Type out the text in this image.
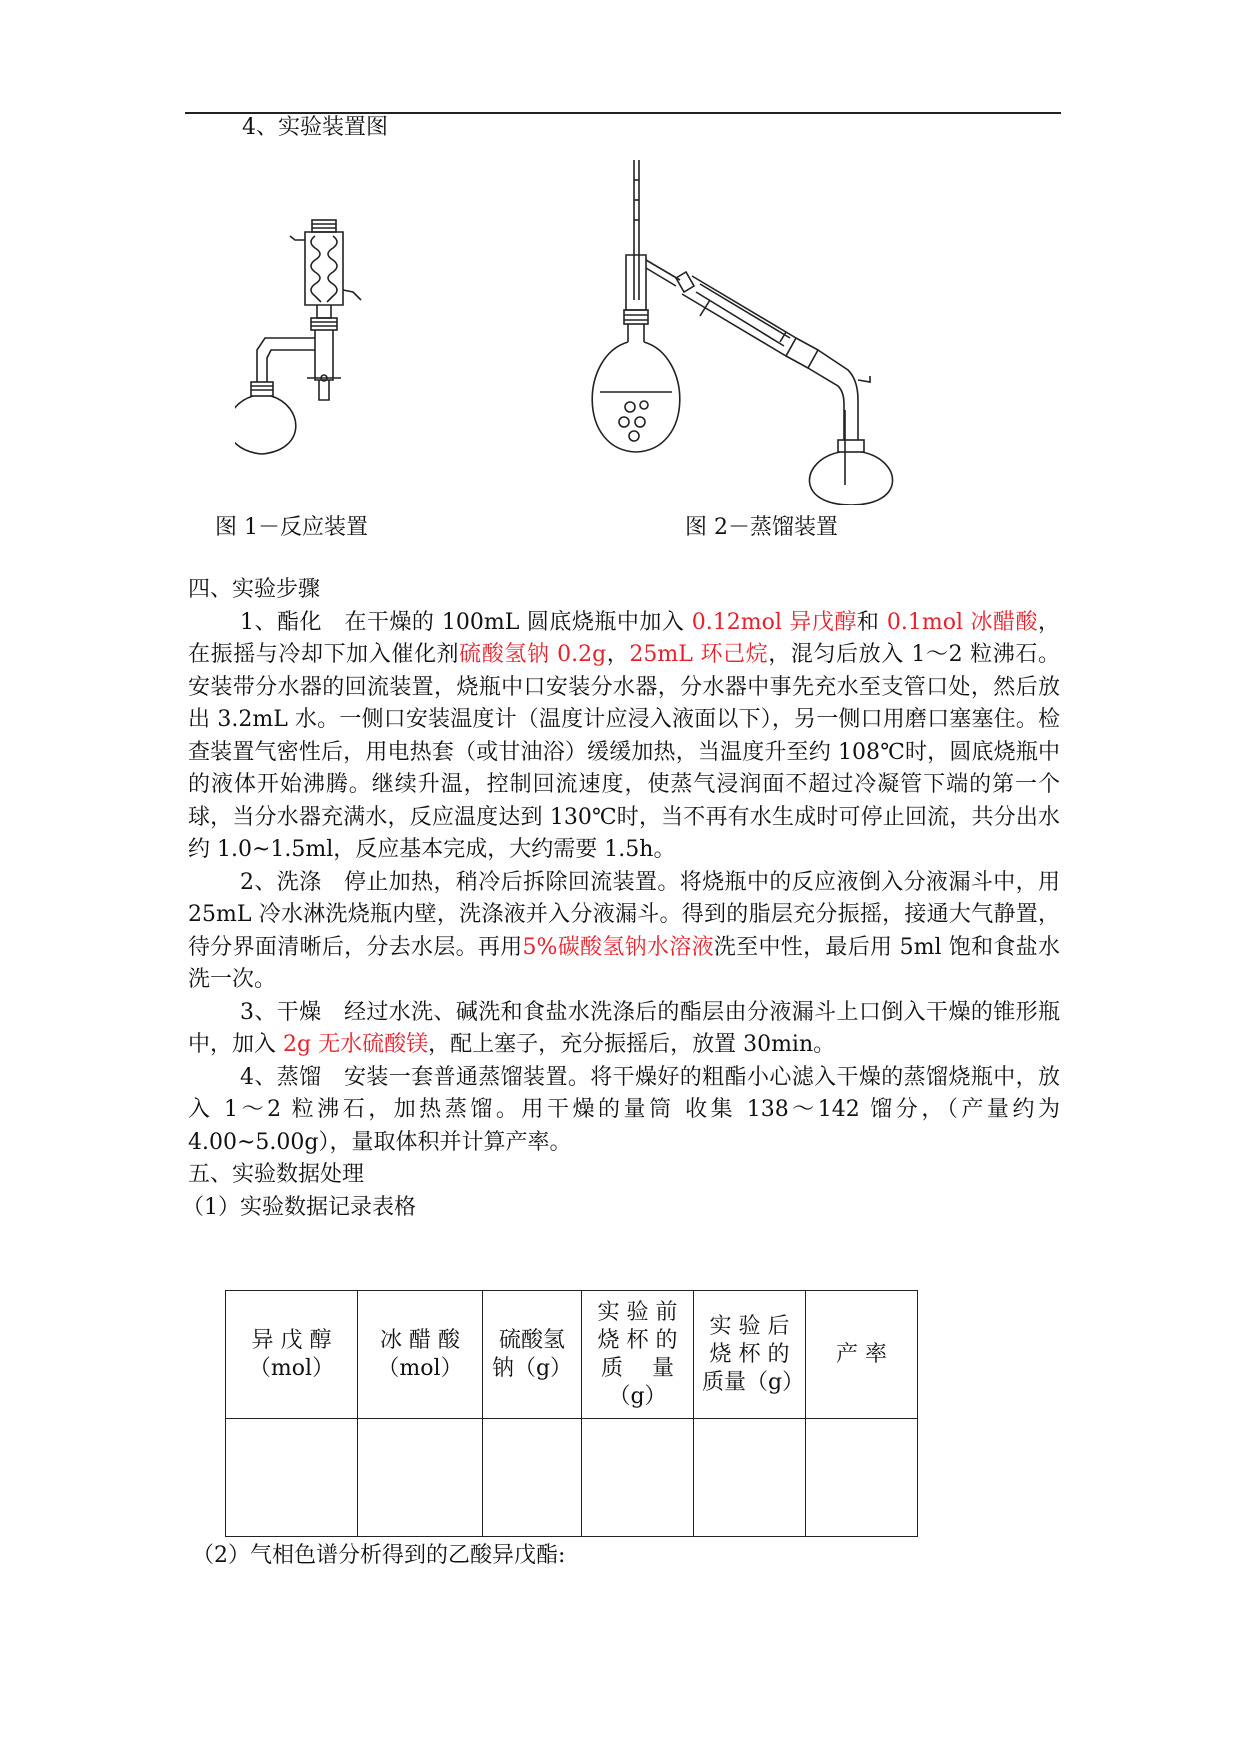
4、实验装置图
图 1－反应装置	图 2－蒸馏装置

四、实验步骤

1、酯化　在干燥的 100mL 圆底烧瓶中加入 0.12mol 异戊醇和 0.1mol 冰醋酸，在振摇与冷却下加入催化剂硫酸氢钠 0.2g，25mL 环己烷，混匀后放入 1～2 粒沸石。安装带分水器的回流装置，烧瓶中口安装分水器，分水器中事先充水至支管口处，然后放出 3.2mL 水。一侧口安装温度计（温度计应浸入液面以下），另一侧口用磨口塞塞住。检查装置气密性后，用电热套（或甘油浴）缓缓加热，当温度升至约 108℃时，圆底烧瓶中的液体开始沸腾。继续升温，控制回流速度，使蒸气浸润面不超过冷凝管下端的第一个球，当分水器充满水，反应温度达到 130℃时，当不再有水生成时可停止回流，共分出水约 1.0~1.5ml，反应基本完成，大约需要 1.5h。

2、洗涤　停止加热，稍冷后拆除回流装置。将烧瓶中的反应液倒入分液漏斗中，用 25mL 冷水淋洗烧瓶内壁，洗涤液并入分液漏斗。得到的脂层充分振摇，接通大气静置，待分界面清晰后，分去水层。再用5%碳酸氢钠水溶液洗至中性，最后用 5ml 饱和食盐水洗一次。

3、干燥　经过水洗、碱洗和食盐水洗涤后的酯层由分液漏斗上口倒入干燥的锥形瓶中，加入 2g 无水硫酸镁，配上塞子，充分振摇后，放置 30min。

4、蒸馏　安装一套普通蒸馏装置。将干燥好的粗酯小心滤入干燥的蒸馏烧瓶中，放入 1～2 粒沸石，加热蒸馏。用干燥的量筒 收集 138～142 馏分，（产量约为 4.00~5.00g），量取体积并计算产率。

五、实验数据处理

（1）实验数据记录表格

异 戊 醇（mol）	冰 醋 酸（mol）	硫酸氢钠（g）	实 验 前烧 杯 的质　 量（g）	实 验 后烧 杯 的质量（g）	产 率

（2）气相色谱分析得到的乙酸异戊酯:
